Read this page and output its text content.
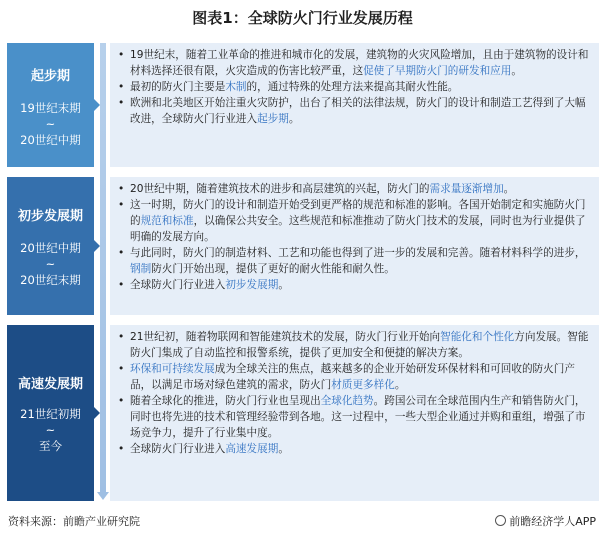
图表1：全球防火门行业发展历程
起步期
19世纪末期
~
20世纪中期
初步发展期
20世纪中期
~
20世纪末期
高速发展期
21世纪初期
~
至今
• 19世纪末，随着工业革命的推进和城市化的发展，建筑物的火灾风险增加，且由于建筑物的设计和材料选择还很有限，火灾造成的伤害比较严重，这促使了早期防火门的研发和应用。
• 最初的防火门主要是木制的，通过特殊的处理方法来提高其耐火性能。
• 欧洲和北美地区开始注重火灾防护，出台了相关的法律法规，防火门的设计和制造工艺得到了大幅改进，全球防火门行业进入起步期。
• 20世纪中期，随着建筑技术的进步和高层建筑的兴起，防火门的需求量逐渐增加。
• 这一时期，防火门的设计和制造开始受到更严格的规范和标准的影响。各国开始制定和实施防火门的规范和标准，以确保公共安全。这些规范和标准推动了防火门技术的发展，同时也为行业提供了明确的发展方向。
• 与此同时，防火门的制造材料、工艺和功能也得到了进一步的发展和完善。随着材料科学的进步，钢制防火门开始出现，提供了更好的耐火性能和耐久性。
• 全球防火门行业进入初步发展期。
• 21世纪初，随着物联网和智能建筑技术的发展，防火门行业开始向智能化和个性化方向发展。智能防火门集成了自动监控和报警系统，提供了更加安全和便捷的解决方案。
• 环保和可持续发展成为全球关注的焦点，越来越多的企业开始研发环保材料和可回收的防火门产品，以满足市场对绿色建筑的需求，防火门材质更多样化。
• 随着全球化的推进，防火门行业也呈现出全球化趋势。跨国公司在全球范围内生产和销售防火门，同时也将先进的技术和管理经验带到各地。这一过程中，一些大型企业通过并购和重组，增强了市场竞争力，提升了行业集中度。
• 全球防火门行业进入高速发展期。
资料来源：前瞻产业研究院	前瞻经济学人APP
